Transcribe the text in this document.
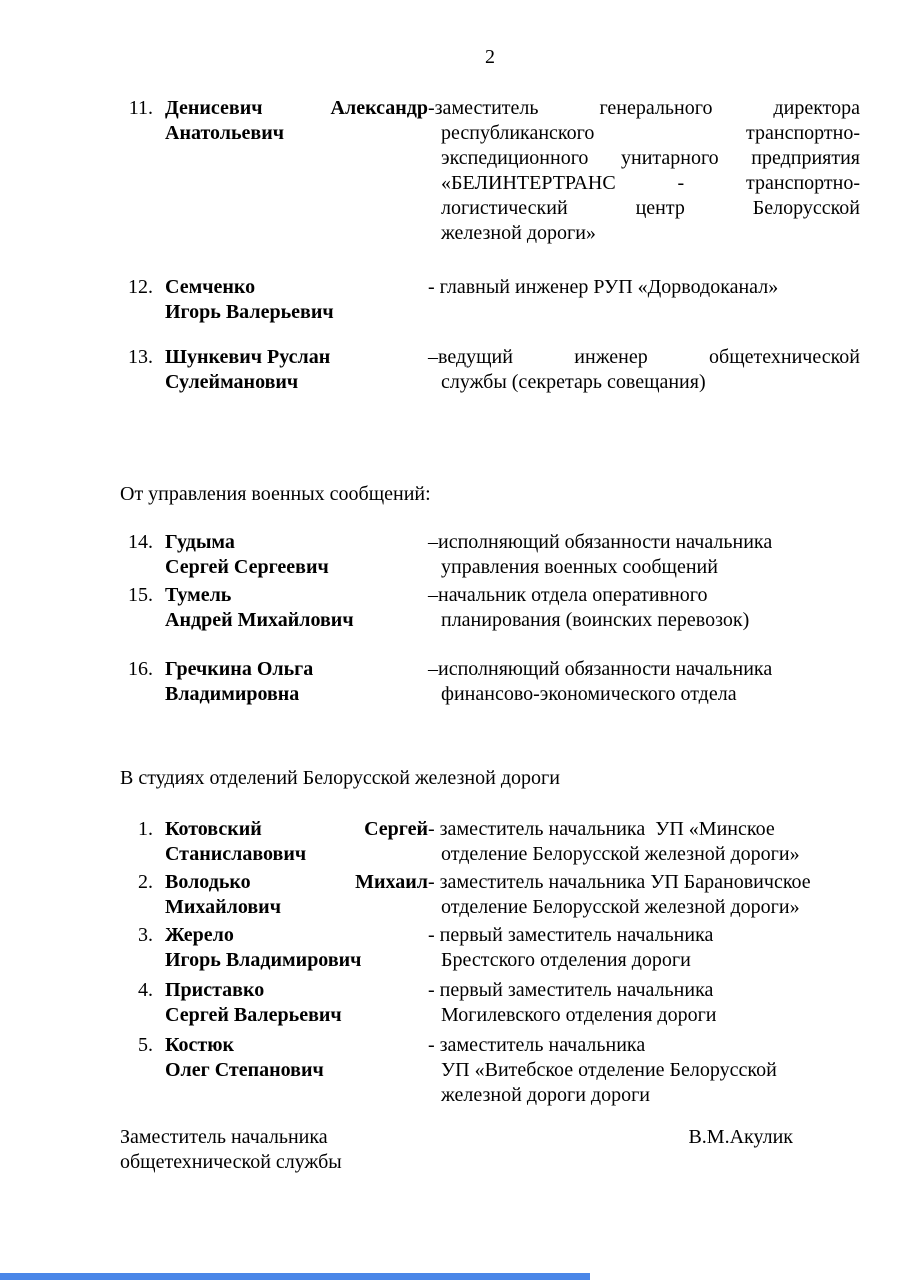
2
11. Денисевич Александр
Анатольевич
-заместитель генерального директора
республиканского транспортно-
экспедиционного унитарного предприятия
«БЕЛИНТЕРТРАНС - транспортно-
логистический центр Белорусской
железной дороги»
12. Семченко
Игорь Валерьевич
- главный инженер РУП «Дорводоканал»
13. Шункевич Руслан
Сулейманович
–ведущий инженер общетехнической
службы (секретарь совещания)
От управления военных сообщений:
14. Гудыма
Сергей Сергеевич
–исполняющий обязанности начальника
управления военных сообщений
15. Тумель
Андрей Михайлович
–начальник отдела оперативного
планирования (воинских перевозок)
16. Гречкина Ольга
Владимировна
–исполняющий обязанности начальника
финансово-экономического отдела
В студиях отделений Белорусской железной дороги
1. Котовский Сергей
Станиславович
- заместитель начальника  УП «Минское
отделение Белорусской железной дороги»
2. Володько Михаил
Михайлович
- заместитель начальника УП Барановичское
отделение Белорусской железной дороги»
3. Жерело
Игорь Владимирович
- первый заместитель начальника
Брестского отделения дороги
4. Приставко
Сергей Валерьевич
- первый заместитель начальника
Могилевского отделения дороги
5. Костюк
Олег Степанович
- заместитель начальника
УП «Витебское отделение Белорусской
железной дороги дороги
Заместитель начальника
общетехнической службы
В.М.Акулик
